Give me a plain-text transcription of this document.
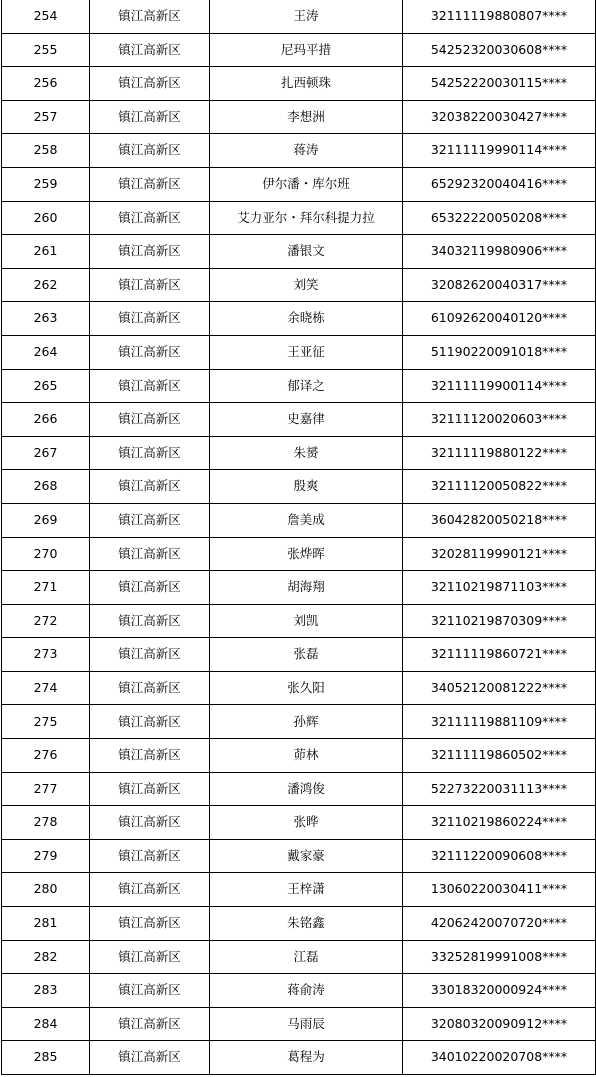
254	镇江高新区	王涛	32111119880807****
255	镇江高新区	尼玛平措	54252320030608****
256	镇江高新区	扎西顿珠	54252220030115****
257	镇江高新区	李想洲	32038220030427****
258	镇江高新区	蒋涛	32111119990114****
259	镇江高新区	伊尔潘・库尔班	65292320040416****
260	镇江高新区	艾力亚尔・拜尔科提力拉	65322220050208****
261	镇江高新区	潘银文	34032119980906****
262	镇江高新区	刘笑	32082620040317****
263	镇江高新区	余晓栋	61092620040120****
264	镇江高新区	王亚征	51190220091018****
265	镇江高新区	郁译之	32111119900114****
266	镇江高新区	史嘉律	32111120020603****
267	镇江高新区	朱赟	32111119880122****
268	镇江高新区	殷爽	32111120050822****
269	镇江高新区	詹美成	36042820050218****
270	镇江高新区	张烨晖	32028119990121****
271	镇江高新区	胡海翔	32110219871103****
272	镇江高新区	刘凯	32110219870309****
273	镇江高新区	张磊	32111119860721****
274	镇江高新区	张久阳	34052120081222****
275	镇江高新区	孙辉	32111119881109****
276	镇江高新区	茆林	32111119860502****
277	镇江高新区	潘鸿俊	52273220031113****
278	镇江高新区	张晔	32110219860224****
279	镇江高新区	戴家豪	32111220090608****
280	镇江高新区	王梓潇	13060220030411****
281	镇江高新区	朱铭鑫	42062420070720****
282	镇江高新区	江磊	33252819991008****
283	镇江高新区	蒋俞涛	33018320000924****
284	镇江高新区	马雨辰	32080320090912****
285	镇江高新区	葛程为	34010220020708****
